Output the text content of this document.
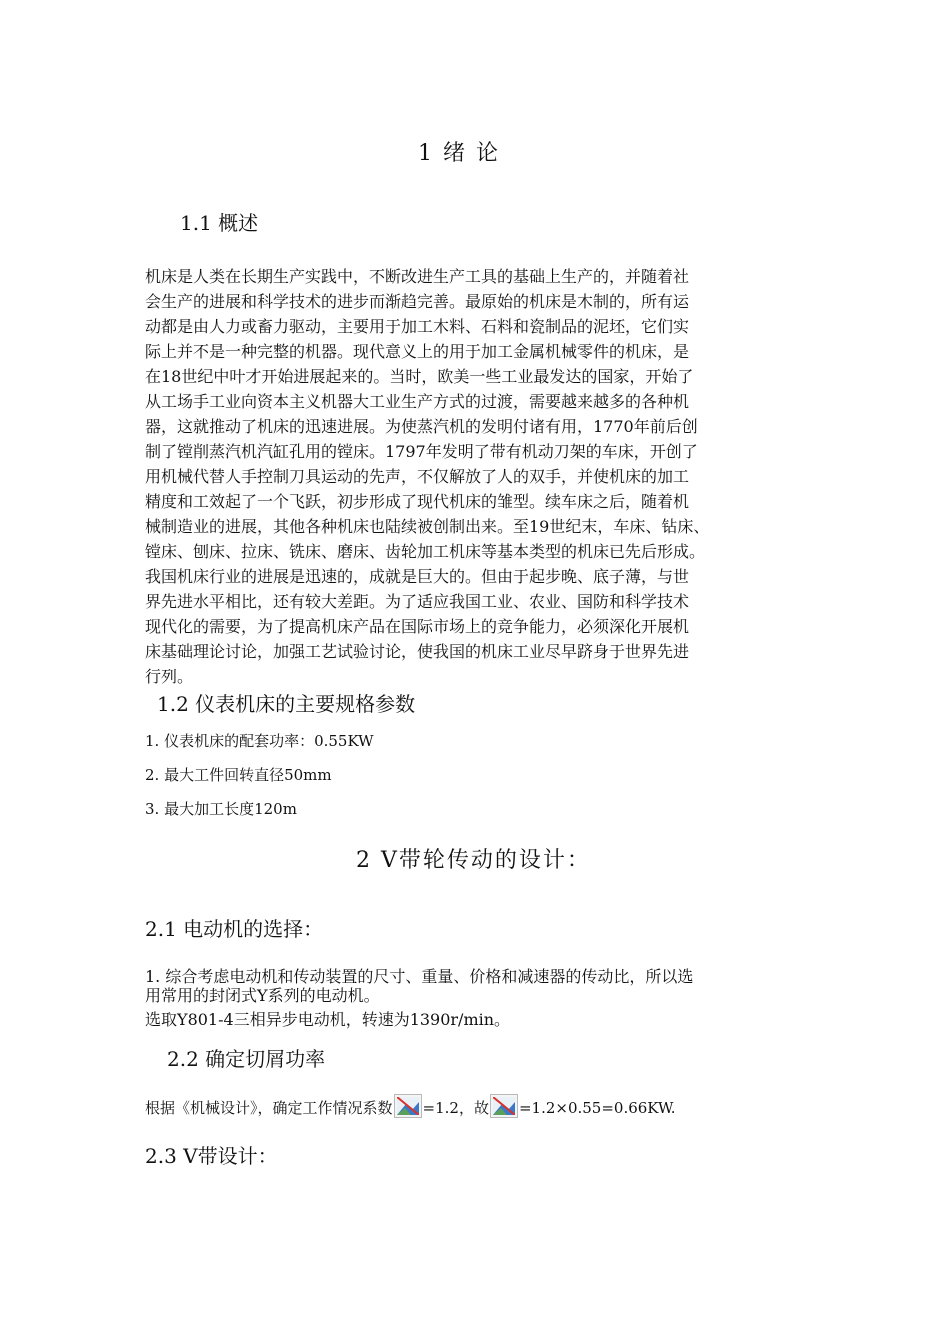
1 绪 论
1.1 概述
机床是人类在长期生产实践中，不断改进生产工具的基础上生产的，并随着社
会生产的进展和科学技术的进步而渐趋完善。最原始的机床是木制的，所有运
动都是由人力或畜力驱动，主要用于加工木料、石料和瓷制品的泥坯，它们实
际上并不是一种完整的机器。现代意义上的用于加工金属机械零件的机床，是
在18世纪中叶才开始进展起来的。当时，欧美一些工业最发达的国家，开始了
从工场手工业向资本主义机器大工业生产方式的过渡，需要越来越多的各种机
器，这就推动了机床的迅速进展。为使蒸汽机的发明付诸有用，1770年前后创
制了镗削蒸汽机汽缸孔用的镗床。1797年发明了带有机动刀架的车床，开创了
用机械代替人手控制刀具运动的先声，不仅解放了人的双手，并使机床的加工
精度和工效起了一个飞跃，初步形成了现代机床的雏型。续车床之后，随着机
械制造业的进展，其他各种机床也陆续被创制出来。至19世纪末，车床、钻床、
镗床、刨床、拉床、铣床、磨床、齿轮加工机床等基本类型的机床已先后形成。
我国机床行业的进展是迅速的，成就是巨大的。但由于起步晚、底子薄，与世
界先进水平相比，还有较大差距。为了适应我国工业、农业、国防和科学技术
现代化的需要，为了提高机床产品在国际市场上的竞争能力，必须深化开展机
床基础理论讨论，加强工艺试验讨论，使我国的机床工业尽早跻身于世界先进
行列。
1.2 仪表机床的主要规格参数
1. 仪表机床的配套功率：0.55KW
2. 最大工件回转直径50mm
3. 最大加工长度120m
2 V带轮传动的设计：
2.1 电动机的选择：
1. 综合考虑电动机和传动装置的尺寸、重量、价格和减速器的传动比，所以选
用常用的封闭式Y系列的电动机。
选取Y801-4三相异步电动机，转速为1390r/min。
2.2 确定切屑功率
根据《机械设计》，确定工作情况系数 =1.2，故 =1.2×0.55=0.66KW.
2.3 V带设计：
